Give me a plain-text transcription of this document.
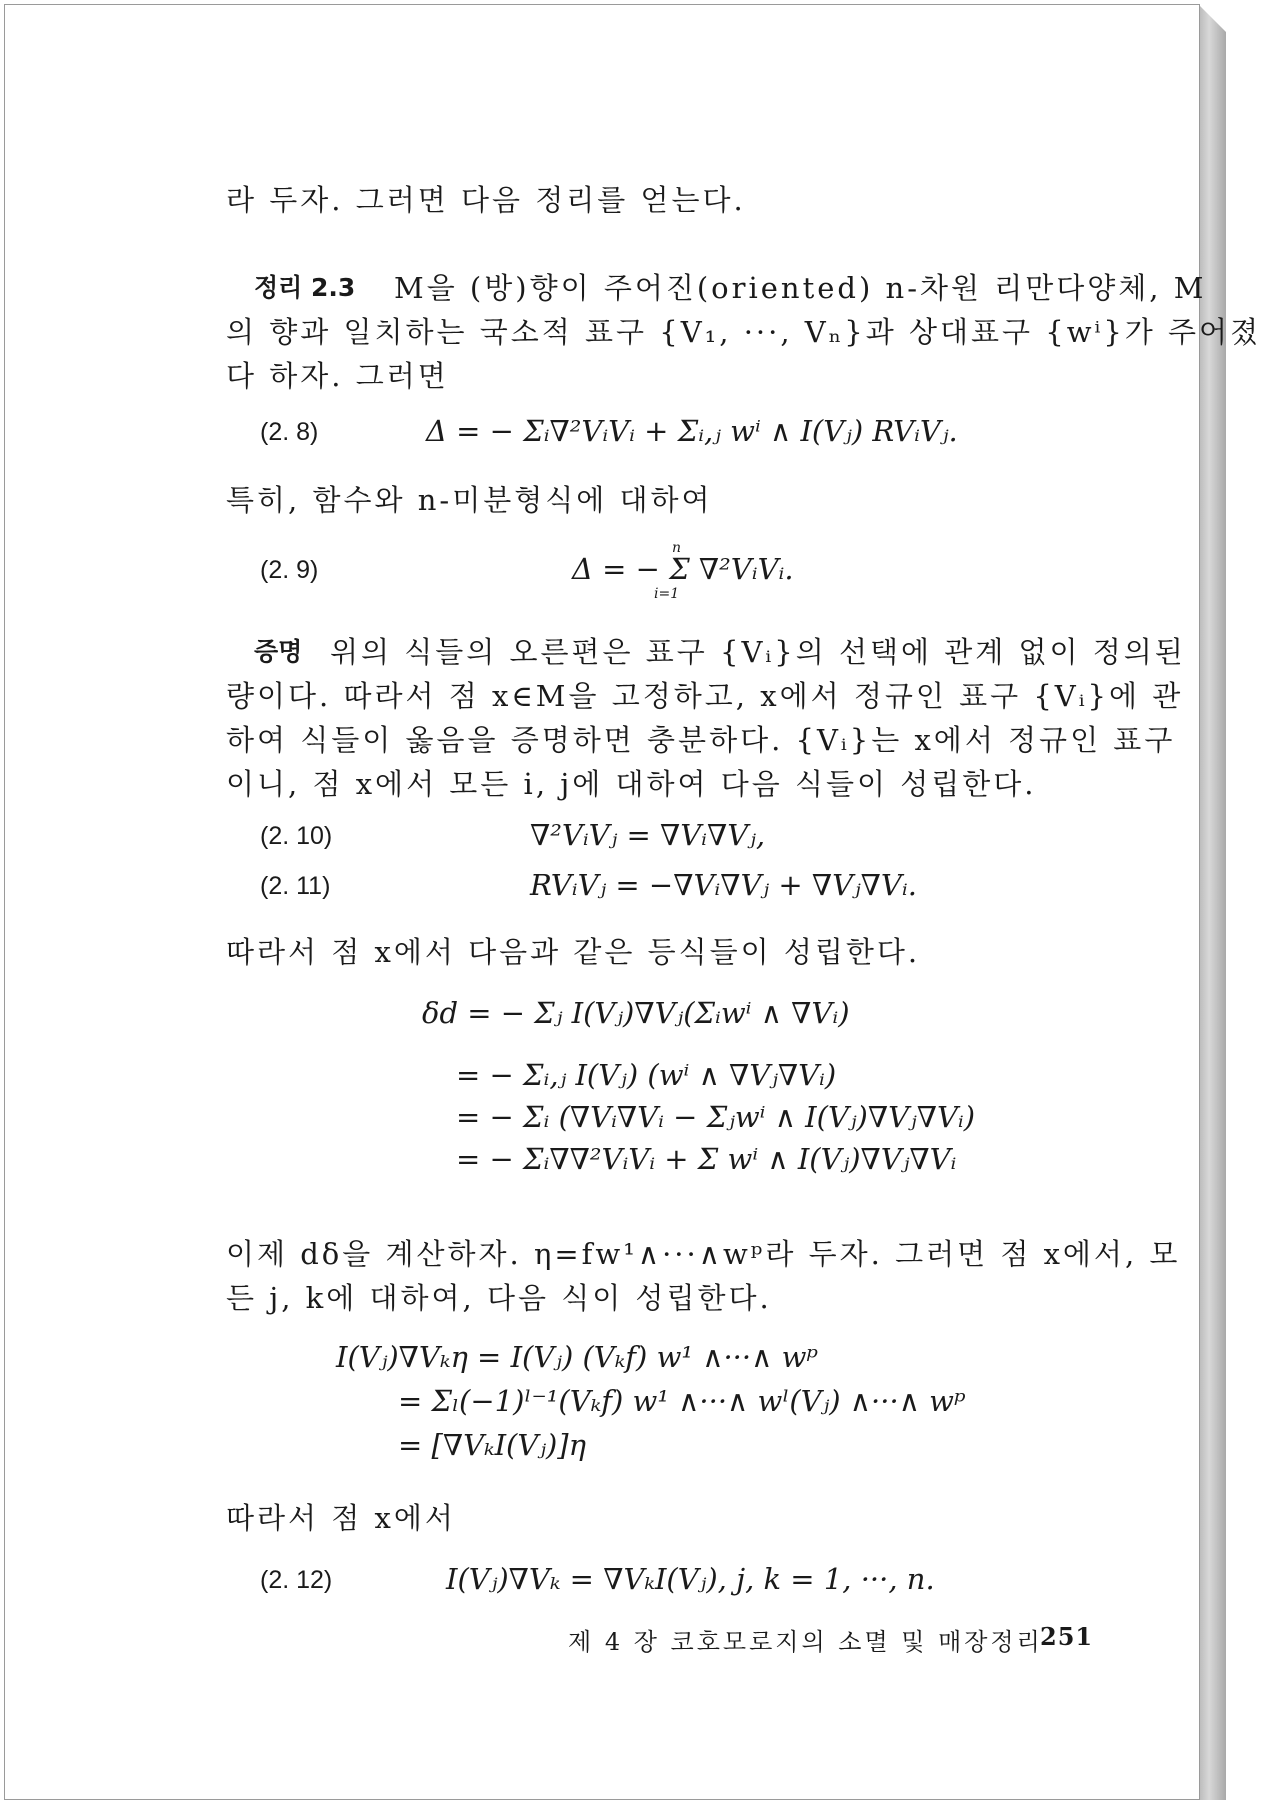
라 두자. 그러면 다음 정리를 얻는다.
정리 2.3 M을 (방)향이 주어진(oriented) n-차원 리만다양체, M
의 향과 일치하는 국소적 표구 {V₁, ···, Vₙ}과 상대표구 {wⁱ}가 주어졌
다 하자. 그러면
(2. 8)	Δ = − Σᵢ∇²VᵢVᵢ + Σᵢ,ⱼ wⁱ ∧ I(Vⱼ) RVᵢVⱼ.
특히, 함수와 n-미분형식에 대하여
(2. 9)	Δ = − Σ ∇²VᵢVᵢ.
n
i=1
증명 위의 식들의 오른편은 표구 {Vᵢ}의 선택에 관계 없이 정의된
량이다. 따라서 점 x∈M을 고정하고, x에서 정규인 표구 {Vᵢ}에 관
하여 식들이 옳음을 증명하면 충분하다. {Vᵢ}는 x에서 정규인 표구
이니, 점 x에서 모든 i, j에 대하여 다음 식들이 성립한다.
(2. 10)	∇²VᵢVⱼ = ∇Vᵢ∇Vⱼ,
(2. 11)	RVᵢVⱼ = −∇Vᵢ∇Vⱼ + ∇Vⱼ∇Vᵢ.
따라서 점 x에서 다음과 같은 등식들이 성립한다.
δd = − Σⱼ I(Vⱼ)∇Vⱼ(Σᵢwⁱ ∧ ∇Vᵢ)
= − Σᵢ,ⱼ I(Vⱼ) (wⁱ ∧ ∇Vⱼ∇Vᵢ)
= − Σᵢ (∇Vᵢ∇Vᵢ − Σⱼwⁱ ∧ I(Vⱼ)∇Vⱼ∇Vᵢ)
= − Σᵢ∇∇²VᵢVᵢ + Σ wⁱ ∧ I(Vⱼ)∇Vⱼ∇Vᵢ
이제 dδ을 계산하자. η=fw¹∧···∧wᵖ라 두자. 그러면 점 x에서, 모
든 j, k에 대하여, 다음 식이 성립한다.
I(Vⱼ)∇Vₖη = I(Vⱼ) (Vₖf) w¹ ∧···∧ wᵖ
= Σₗ(−1)ˡ⁻¹(Vₖf) w¹ ∧···∧ wˡ(Vⱼ) ∧···∧ wᵖ
= [∇VₖI(Vⱼ)]η
따라서 점 x에서
(2. 12)	I(Vⱼ)∇Vₖ = ∇VₖI(Vⱼ), j, k = 1, ···, n.
제 4 장 코호모로지의 소멸 및 매장정리
251
